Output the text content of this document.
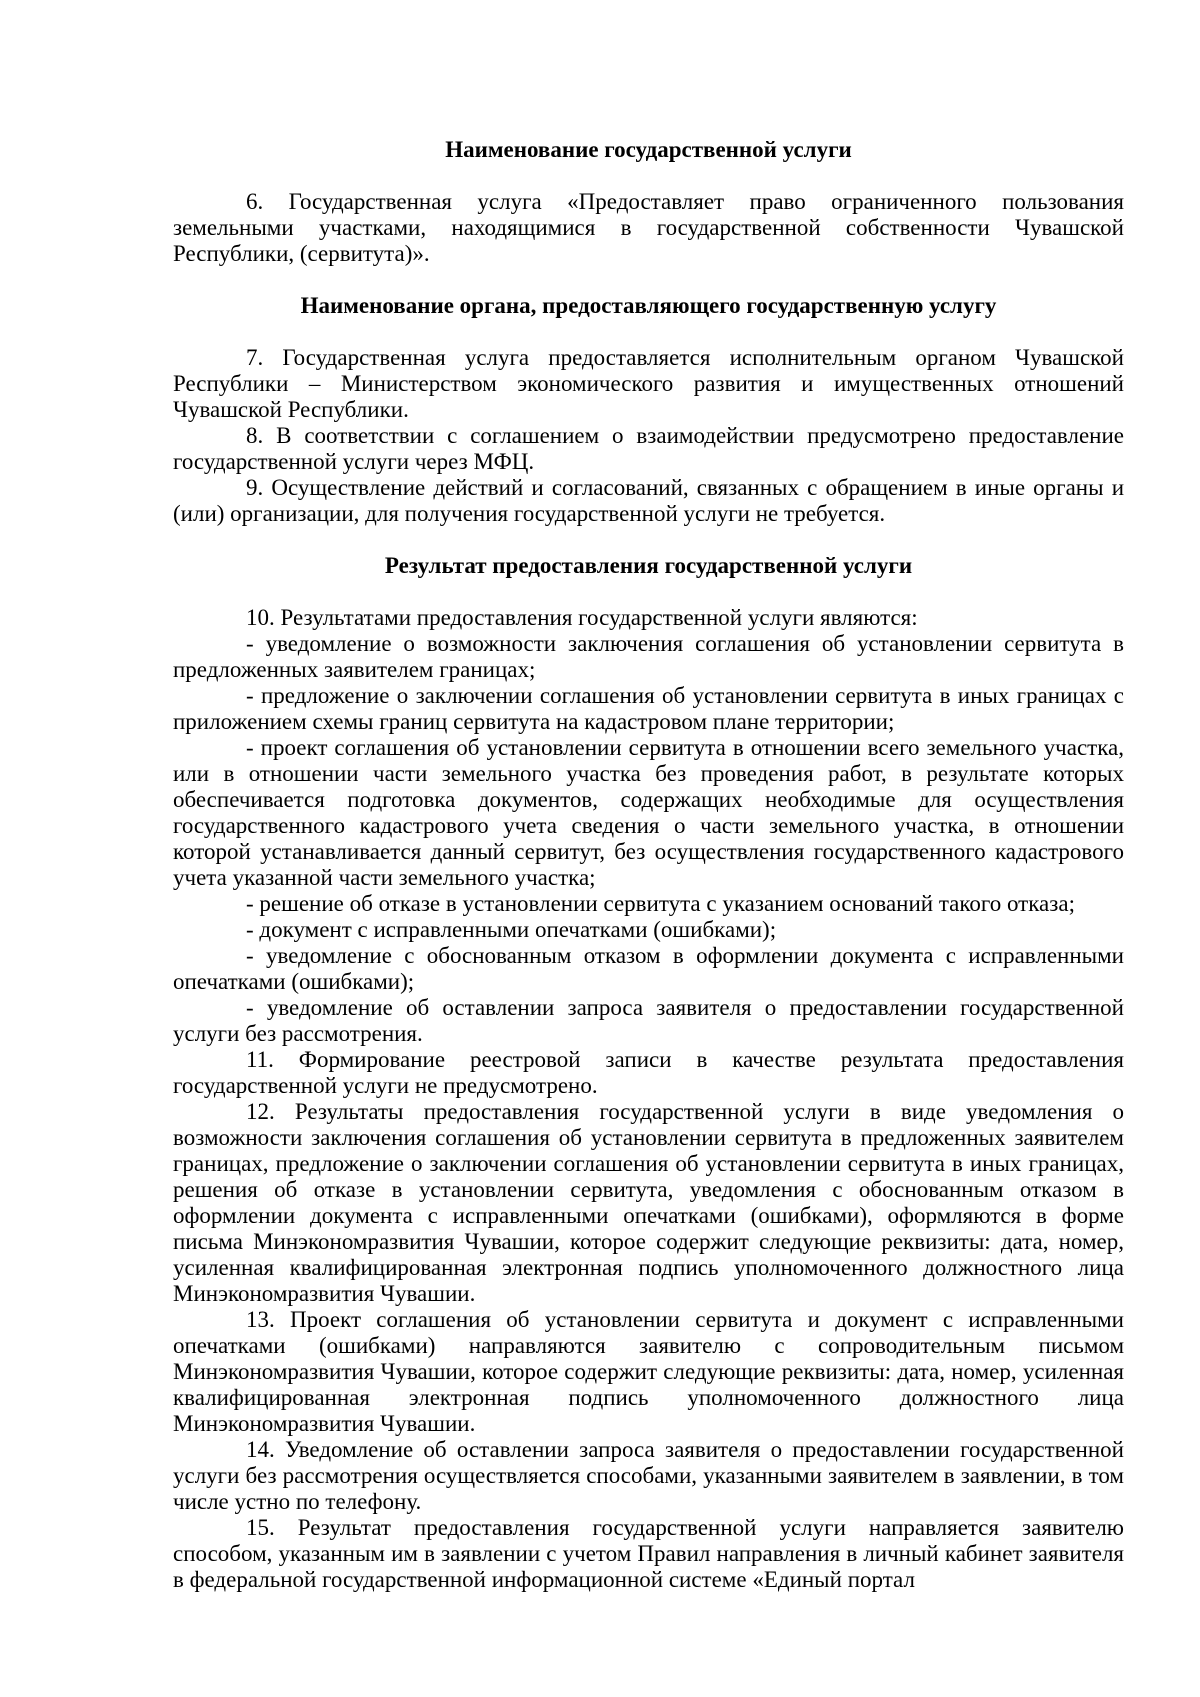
Наименование государственной услуги

6. Государственная услуга «Предоставляет право ограниченного пользования земельными участками, находящимися в государственной собственности Чувашской Республики, (сервитута)».

Наименование органа, предоставляющего государственную услугу

7. Государственная услуга предоставляется исполнительным органом Чувашской Республики – Министерством экономического развития и имущественных отношений Чувашской Республики.

8. В соответствии с соглашением о взаимодействии предусмотрено предоставление государственной услуги через МФЦ.

9. Осуществление действий и согласований, связанных с обращением в иные органы и (или) организации, для получения государственной услуги не требуется.

Результат предоставления государственной услуги

10. Результатами предоставления государственной услуги являются:

- уведомление о возможности заключения соглашения об установлении сервитута в предложенных заявителем границах;

- предложение о заключении соглашения об установлении сервитута в иных границах с приложением схемы границ сервитута на кадастровом плане территории;

- проект соглашения об установлении сервитута в отношении всего земельного участка, или в отношении части земельного участка без проведения работ, в результате которых обеспечивается подготовка документов, содержащих необходимые для осуществления государственного кадастрового учета сведения о части земельного участка, в отношении которой устанавливается данный сервитут, без осуществления государственного кадастрового учета указанной части земельного участка;

- решение об отказе в установлении сервитута с указанием оснований такого отказа;

- документ с исправленными опечатками (ошибками);

- уведомление с обоснованным отказом в оформлении документа с исправленными опечатками (ошибками);

- уведомление об оставлении запроса заявителя о предоставлении государственной услуги без рассмотрения.

11. Формирование реестровой записи в качестве результата предоставления государственной услуги не предусмотрено.

12. Результаты предоставления государственной услуги в виде уведомления о возможности заключения соглашения об установлении сервитута в предложенных заявителем границах, предложение о заключении соглашения об установлении сервитута в иных границах, решения об отказе в установлении сервитута, уведомления с обоснованным отказом в оформлении документа с исправленными опечатками (ошибками), оформляются в форме письма Минэкономразвития Чувашии, которое содержит следующие реквизиты: дата, номер, усиленная квалифицированная электронная подпись уполномоченного должностного лица Минэкономразвития Чувашии.

13. Проект соглашения об установлении сервитута и документ с исправленными опечатками (ошибками) направляются заявителю с сопроводительным письмом Минэкономразвития Чувашии, которое содержит следующие реквизиты: дата, номер, усиленная квалифицированная электронная подпись уполномоченного должностного лица Минэкономразвития Чувашии.

14. Уведомление об оставлении запроса заявителя о предоставлении государственной услуги без рассмотрения осуществляется способами, указанными заявителем в заявлении, в том числе устно по телефону.

15. Результат предоставления государственной услуги направляется заявителю способом, указанным им в заявлении с учетом Правил направления в личный кабинет заявителя в федеральной государственной информационной системе «Единый портал
